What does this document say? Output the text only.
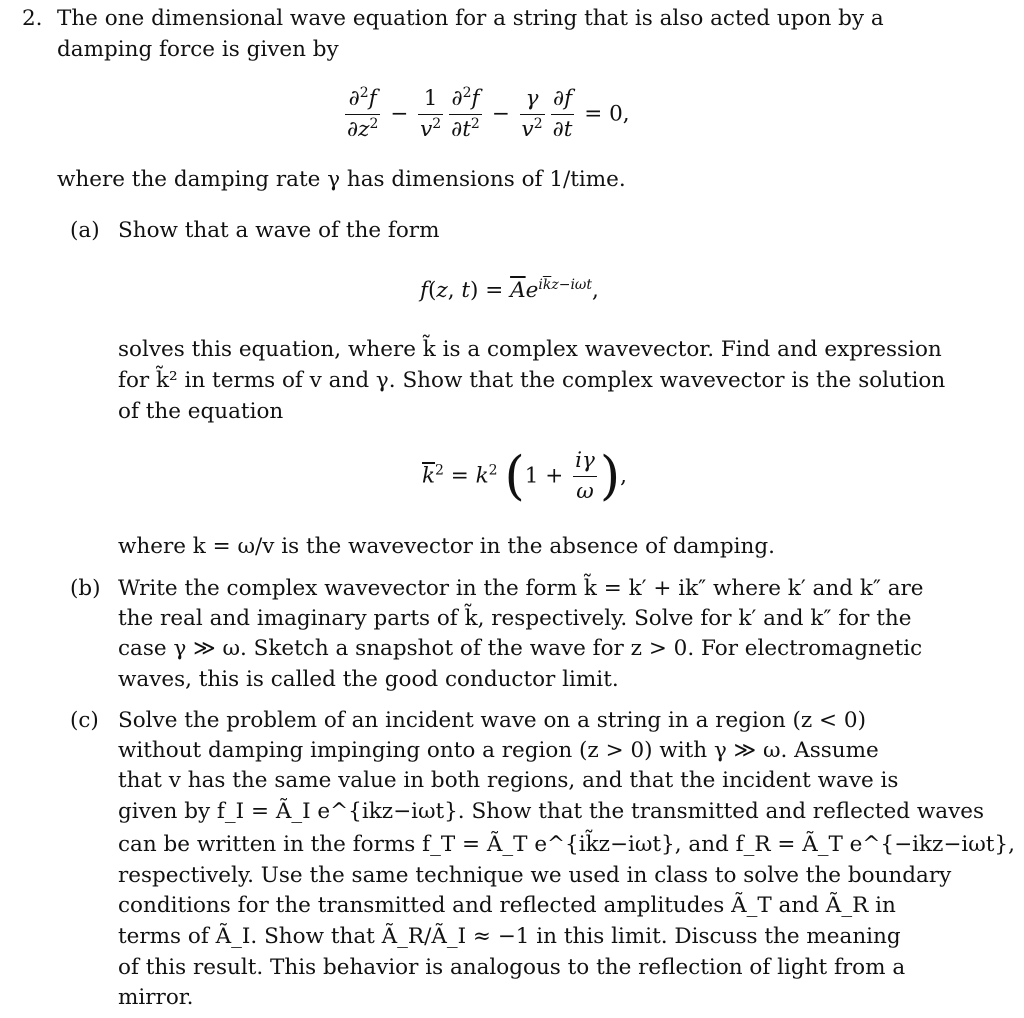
2. The one dimensional wave equation for a string that is also acted upon by a
damping force is given by
$\frac{\partial^2f}{\partial z^2} - \frac{1}{v^2} \frac{\partial^2f}{\partial t^2} - \frac{\gamma}{v^2} \frac{\partial f}{\partial t} = 0$,
where the damping rate γ has dimensions of 1/time.
(a) Show that a wave of the form
f(z, $t) = \overline{A}e^{i\overline{k}z-i\omega t}$,
solves this equation, where k̃ is a complex wavevector. Find and expression
for k̃² in terms of v and γ. Show that the complex wavevector is the solution
of the equation
$\overline{k}^2 = k^2$ ($1 + \frac{i\gamma}{\omega}$ ),
where k = ω/v is the wavevector in the absence of damping.
(b) Write the complex wavevector in the form k̃ = k′ + ik″ where k′ and k″ are
the real and imaginary parts of k̃, respectively. Solve for k′ and k″ for the
case γ ≫ ω. Sketch a snapshot of the wave for z > 0. For electromagnetic
waves, this is called the good conductor limit.
(c) Solve the problem of an incident wave on a string in a region (z < 0)
without damping impinging onto a region (z > 0) with γ ≫ ω. Assume
that v has the same value in both regions, and that the incident wave is
given by f_I = Ã_I e^{ikz−iωt}. Show that the transmitted and reflected waves
can be written in the forms f_T = Ã_T e^{ik̃z−iωt}, and f_R = Ã_T e^{−ikz−iωt},
respectively. Use the same technique we used in class to solve the boundary
conditions for the transmitted and reflected amplitudes Ã_T and Ã_R in
terms of Ã_I. Show that Ã_R/Ã_I ≈ −1 in this limit. Discuss the meaning
of this result. This behavior is analogous to the reflection of light from a
mirror.
